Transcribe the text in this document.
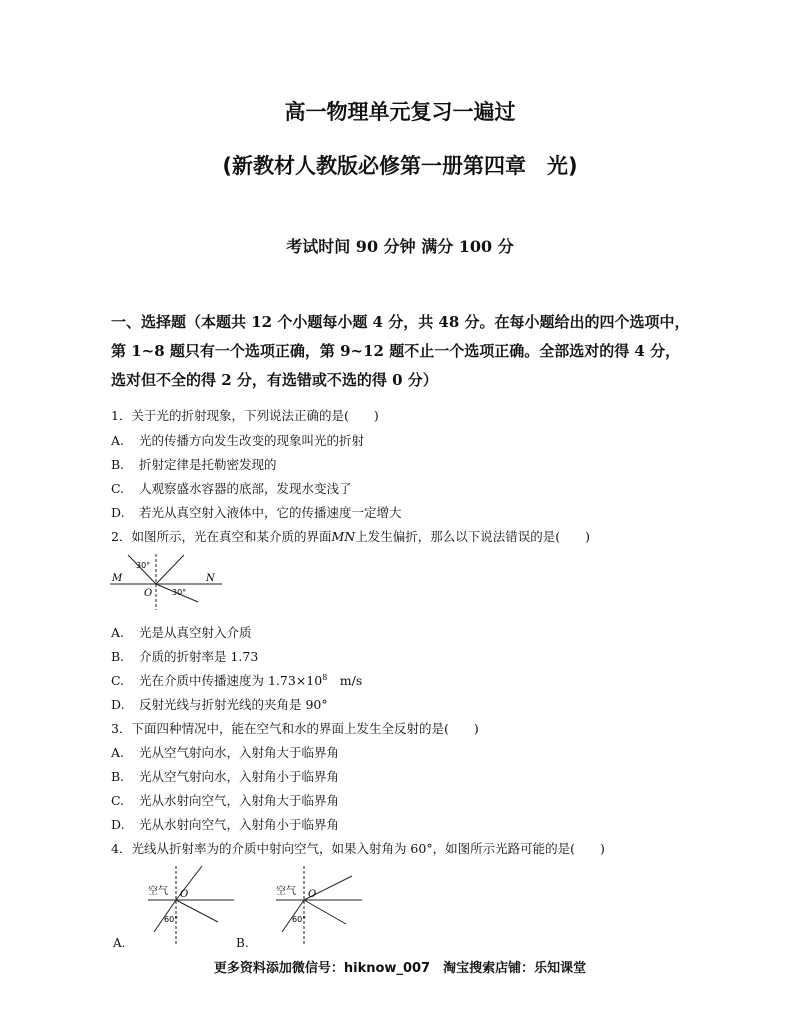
高一物理单元复习一遍过
(新教材人教版必修第一册第四章　光)
考试时间 90 分钟 满分 100 分
一、选择题（本题共 12 个小题每小题 4 分，共 48 分。在每小题给出的四个选项中，第 1~8 题只有一个选项正确，第 9~12 题不止一个选项正确。全部选对的得 4 分，选对但不全的得 2 分，有选错或不选的得 0 分）
1．关于光的折射现象，下列说法正确的是(　　)
A. 光的传播方向发生改变的现象叫光的折射
B. 折射定律是托勒密发现的
C. 人观察盛水容器的底部，发现水变浅了
D. 若光从真空射入液体中，它的传播速度一定增大
2．如图所示，光在真空和某介质的界面MN上发生偏折，那么以下说法错误的是(　　)
M	N
O
30°
30°
A. 光是从真空射入介质
B. 介质的折射率是 1.73
C. 光在介质中传播速度为 $1.73\times 10^8$　m/s
D. 反射光线与折射光线的夹角是 90°
3．下面四种情况中，能在空气和水的界面上发生全反射的是(　　)
A. 光从空气射向水，入射角大于临界角
B. 光从空气射向水，入射角小于临界角
C. 光从水射向空气，入射角大于临界角
D. 光从水射向空气，入射角小于临界角
4．光线从折射率为的介质中射向空气，如果入射角为 60°，如图所示光路可能的是(　　)
空气 O
60°
A.
空气 O
60°
B.
更多资料添加微信号：hiknow_007　淘宝搜索店铺：乐知课堂
